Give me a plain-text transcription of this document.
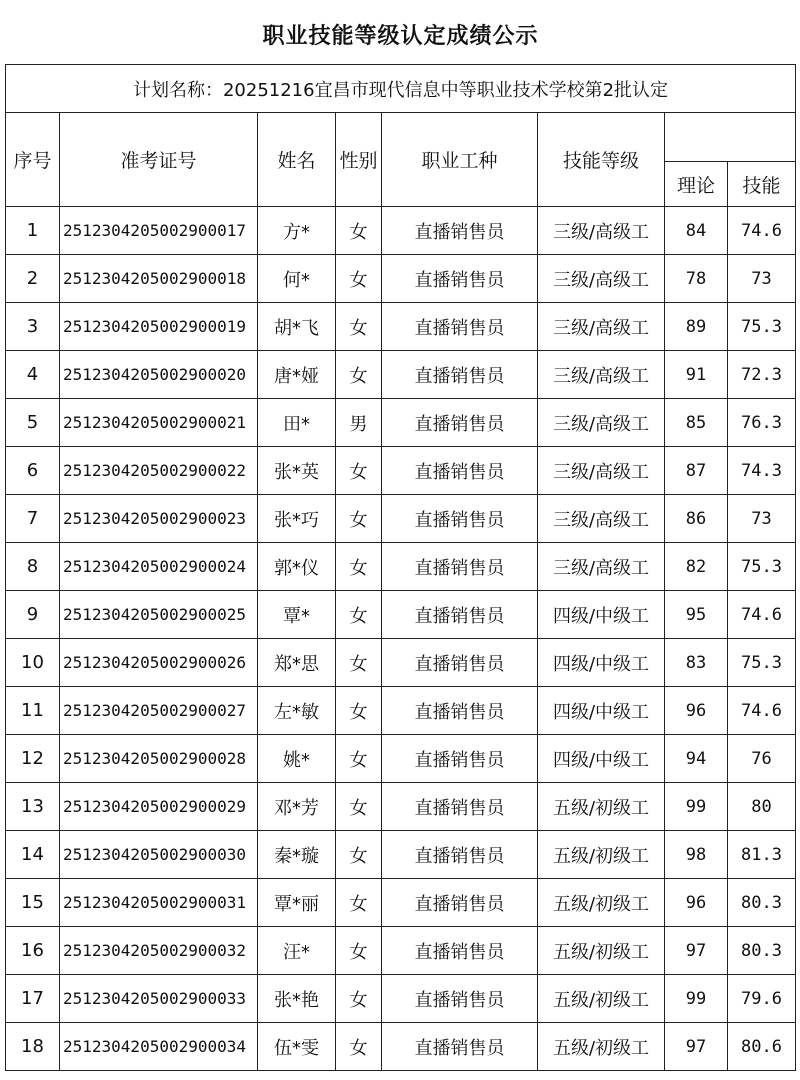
职业技能等级认定成绩公示							
计划名称：20251216宜昌市现代信息中等职业技术学校第2批认定							
序号	准考证号	姓名	性别	职业工种	技能等级		
						理论	技能
1	2512304205002900017	方*	女	直播销售员	三级/高级工	84	74.6
2	2512304205002900018	何*	女	直播销售员	三级/高级工	78	73
3	2512304205002900019	胡*飞	女	直播销售员	三级/高级工	89	75.3
4	2512304205002900020	唐*娅	女	直播销售员	三级/高级工	91	72.3
5	2512304205002900021	田*	男	直播销售员	三级/高级工	85	76.3
6	2512304205002900022	张*英	女	直播销售员	三级/高级工	87	74.3
7	2512304205002900023	张*巧	女	直播销售员	三级/高级工	86	73
8	2512304205002900024	郭*仪	女	直播销售员	三级/高级工	82	75.3
9	2512304205002900025	覃*	女	直播销售员	四级/中级工	95	74.6
10	2512304205002900026	郑*思	女	直播销售员	四级/中级工	83	75.3
11	2512304205002900027	左*敏	女	直播销售员	四级/中级工	96	74.6
12	2512304205002900028	姚*	女	直播销售员	四级/中级工	94	76
13	2512304205002900029	邓*芳	女	直播销售员	五级/初级工	99	80
14	2512304205002900030	秦*璇	女	直播销售员	五级/初级工	98	81.3
15	2512304205002900031	覃*丽	女	直播销售员	五级/初级工	96	80.3
16	2512304205002900032	汪*	女	直播销售员	五级/初级工	97	80.3
17	2512304205002900033	张*艳	女	直播销售员	五级/初级工	99	79.6
18	2512304205002900034	伍*雯	女	直播销售员	五级/初级工	97	80.6
